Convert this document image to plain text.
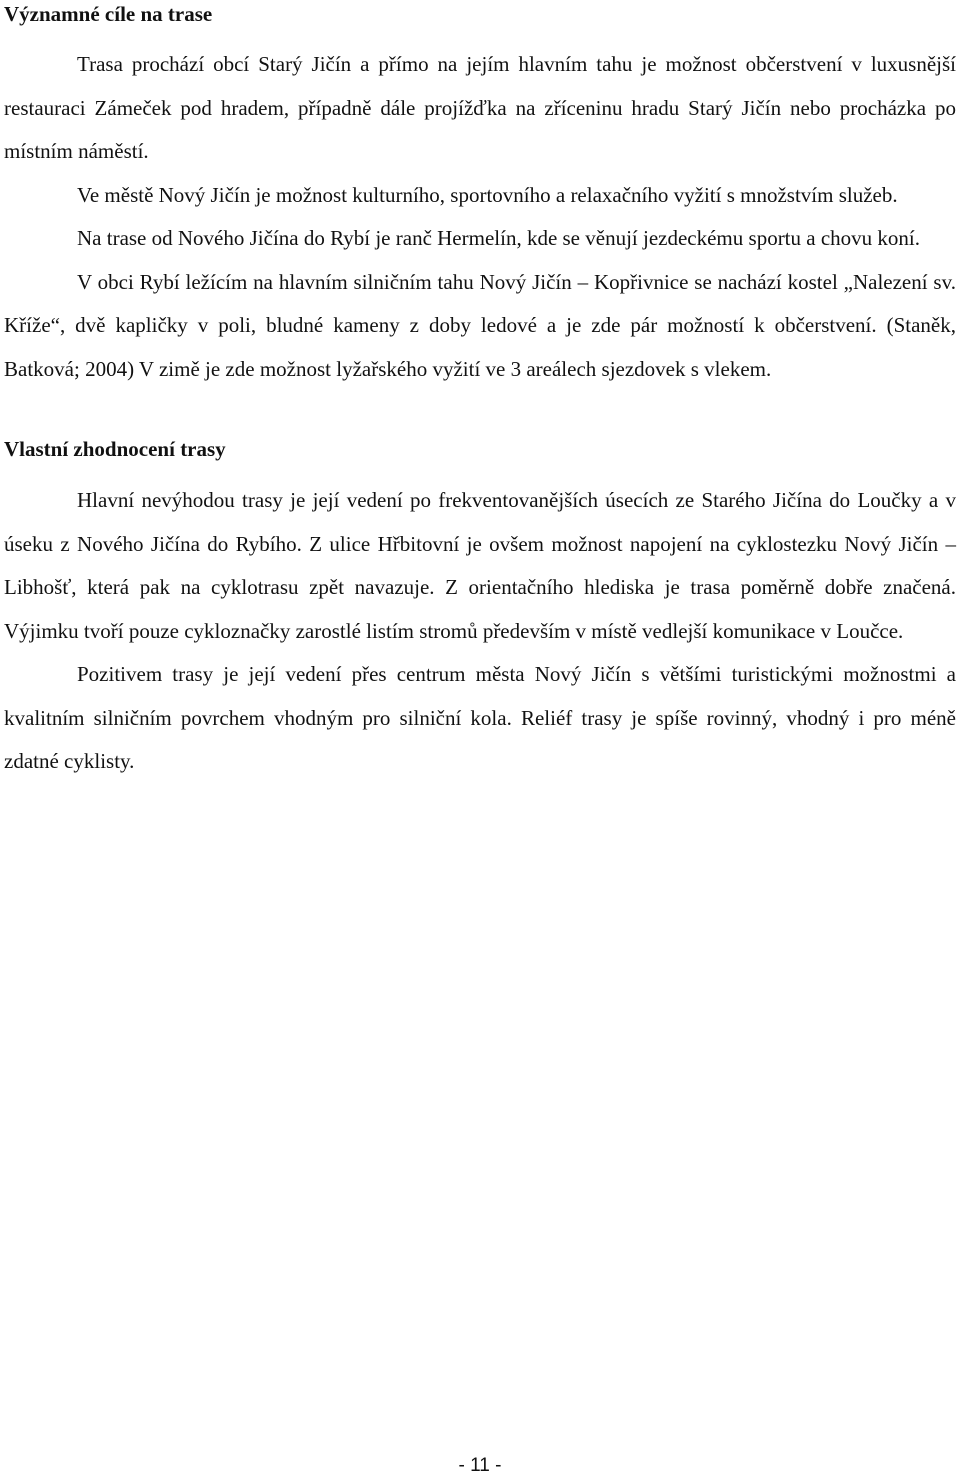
Významné cíle na trase

Trasa prochází obcí Starý Jičín a přímo na jejím hlavním tahu je možnost občerstvení v luxusnější restauraci Zámeček pod hradem, případně dále projížďka na zříceninu hradu Starý Jičín nebo procházka po místním náměstí.

Ve městě Nový Jičín je možnost kulturního, sportovního a relaxačního vyžití s množstvím služeb.

Na trase od Nového Jičína do Rybí je ranč Hermelín, kde se věnují jezdeckému sportu a chovu koní.

V obci Rybí ležícím na hlavním silničním tahu Nový Jičín – Kopřivnice se nachází kostel „Nalezení sv. Kříže“, dvě kapličky v poli, bludné kameny z doby ledové a je zde pár možností k občerstvení. (Staněk, Batková; 2004) V zimě je zde možnost lyžařského vyžití ve 3 areálech sjezdovek s vlekem.

Vlastní zhodnocení trasy

Hlavní nevýhodou trasy je její vedení po frekventovanějších úsecích ze Starého Jičína do Loučky a v úseku z Nového Jičína do Rybího. Z ulice Hřbitovní je ovšem možnost napojení na cyklostezku Nový Jičín – Libhošť, která pak na cyklotrasu zpět navazuje. Z orientačního hlediska je trasa poměrně dobře značená. Výjimku tvoří pouze cykloznačky zarostlé listím stromů především v místě vedlejší komunikace v Loučce.

Pozitivem trasy je její vedení přes centrum města Nový Jičín s většími turistickými možnostmi a kvalitním silničním povrchem vhodným pro silniční kola. Reliéf trasy je spíše rovinný, vhodný i pro méně zdatné cyklisty.

- 11 -
